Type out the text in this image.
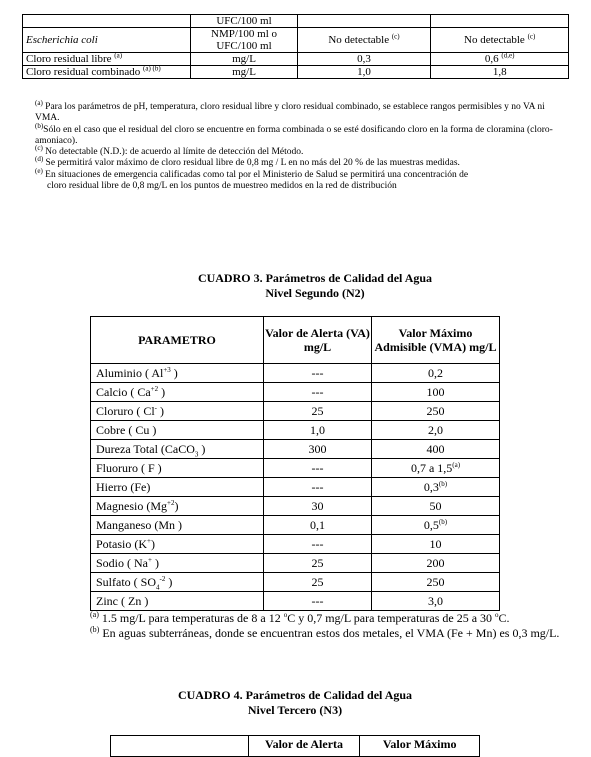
	UFC/100 ml		
Escherichia coli	NMP/100 ml o UFC/100 ml	No detectable $^{(c)}$	No detectable $^{(c)}$
Cloro residual libre $^{(a)}$	mg/L	0,3	0,6 $^{(d,e)}$
Cloro residual combinado $^{(a) (b)}$	mg/L	1,0	1,8

$^{(a)}$ Para los parámetros de pH, temperatura, cloro residual libre y cloro residual combinado, se establece rangos permisibles y no VA ni VMA.

$^{(b)}$Sólo en el caso que el residual del cloro se encuentre en forma combinada o se esté dosificando cloro en la forma de cloramina (cloro-amoniaco).

$^{(c)}$ No detectable (N.D.): de acuerdo al límite de detección del Método.

$^{(d)}$ Se permitirá valor máximo de cloro residual libre de 0,8 mg / L en no más del 20 % de las muestras medidas.

$^{(e)}$ En situaciones de emergencia calificadas como tal por el Ministerio de Salud se permitirá una concentración de

cloro residual libre de 0,8 mg/L en los puntos de muestreo medidos en la red de distribución

CUADRO 3. Parámetros de Calidad del Agua
Nivel Segundo (N2)
PARAMETRO	Valor de Alerta (VA) mg/L	Valor Máximo Admisible (VMA) mg/L
Aluminio ( $Al^{+3}$ )	---	0,2
Calcio ( $Ca^{+2}$ )	---	100
Cloruro ( Cl- )	25	250
Cobre ( Cu )	1,0	2,0
Dureza Total (CaCO$_3$ )	300	400
Fluoruro ( F )	---	0,7 a 1,5$^{(a)}$
Hierro (Fe)	---	0,3$^{(b)}$
Magnesio $(Mg^{+2})$	30	50
Manganeso (Mn )	0,1	0,5$^{(b)}$
Potasio (K+)	---	10
Sodio ( Na+ )	25	200
Sulfato ( $SO_4^{-2}$ )	25	250
Zinc ( Zn )	---	3,0

$^{(a)}$ 1.5 mg/L para temperaturas de 8 a 12 $^o$C y 0,7 mg/L para temperaturas de 25 a 30 $^o$C.

$^{(b)}$ En aguas subterráneas, donde se encuentran estos dos metales, el VMA (Fe + Mn) es 0,3 mg/L.

CUADRO 4. Parámetros de Calidad del Agua
Nivel Tercero (N3)
	Valor de Alerta	Valor Máximo
